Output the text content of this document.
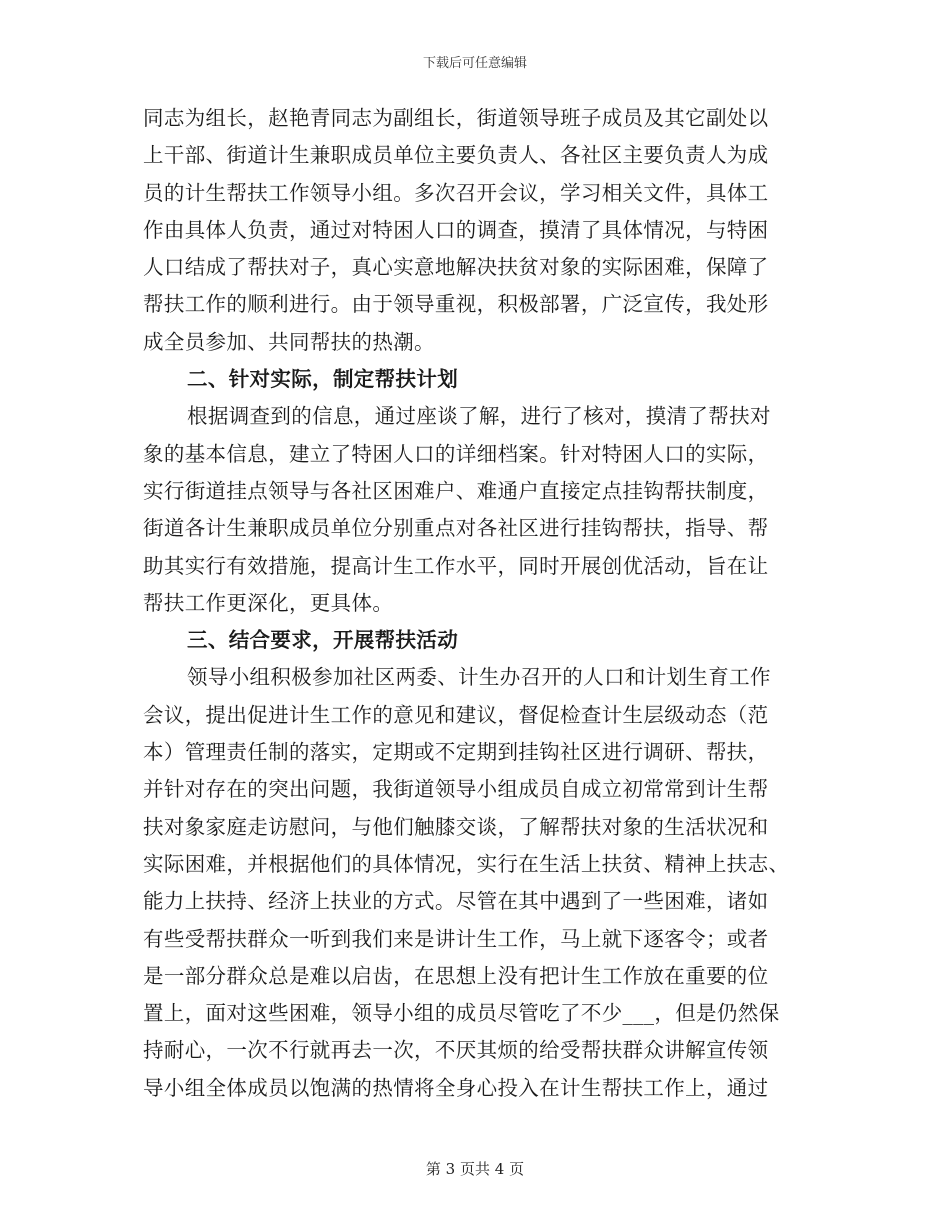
下载后可任意编辑
同志为组长，赵艳青同志为副组长，街道领导班子成员及其它副处以
上干部、街道计生兼职成员单位主要负责人、各社区主要负责人为成
员的计生帮扶工作领导小组。多次召开会议，学习相关文件，具体工
作由具体人负责，通过对特困人口的调查，摸清了具体情况，与特困
人口结成了帮扶对子，真心实意地解决扶贫对象的实际困难，保障了
帮扶工作的顺利进行。由于领导重视，积极部署，广泛宣传，我处形
成全员参加、共同帮扶的热潮。
二、针对实际，制定帮扶计划
根据调查到的信息，通过座谈了解，进行了核对，摸清了帮扶对
象的基本信息，建立了特困人口的详细档案。针对特困人口的实际，
实行街道挂点领导与各社区困难户、难通户直接定点挂钩帮扶制度，
街道各计生兼职成员单位分别重点对各社区进行挂钩帮扶，指导、帮
助其实行有效措施，提高计生工作水平，同时开展创优活动，旨在让
帮扶工作更深化，更具体。
三、结合要求，开展帮扶活动
领导小组积极参加社区两委、计生办召开的人口和计划生育工作
会议，提出促进计生工作的意见和建议，督促检查计生层级动态（范
本）管理责任制的落实，定期或不定期到挂钩社区进行调研、帮扶，
并针对存在的突出问题，我街道领导小组成员自成立初常常到计生帮
扶对象家庭走访慰问，与他们触膝交谈，了解帮扶对象的生活状况和
实际困难，并根据他们的具体情况，实行在生活上扶贫、精神上扶志、
能力上扶持、经济上扶业的方式。尽管在其中遇到了一些困难，诸如
有些受帮扶群众一听到我们来是讲计生工作，马上就下逐客令；或者
是一部分群众总是难以启齿，在思想上没有把计生工作放在重要的位
置上，面对这些困难，领导小组的成员尽管吃了不少___，但是仍然保
持耐心，一次不行就再去一次，不厌其烦的给受帮扶群众讲解宣传领
导小组全体成员以饱满的热情将全身心投入在计生帮扶工作上，通过
第 3 页共 4 页
